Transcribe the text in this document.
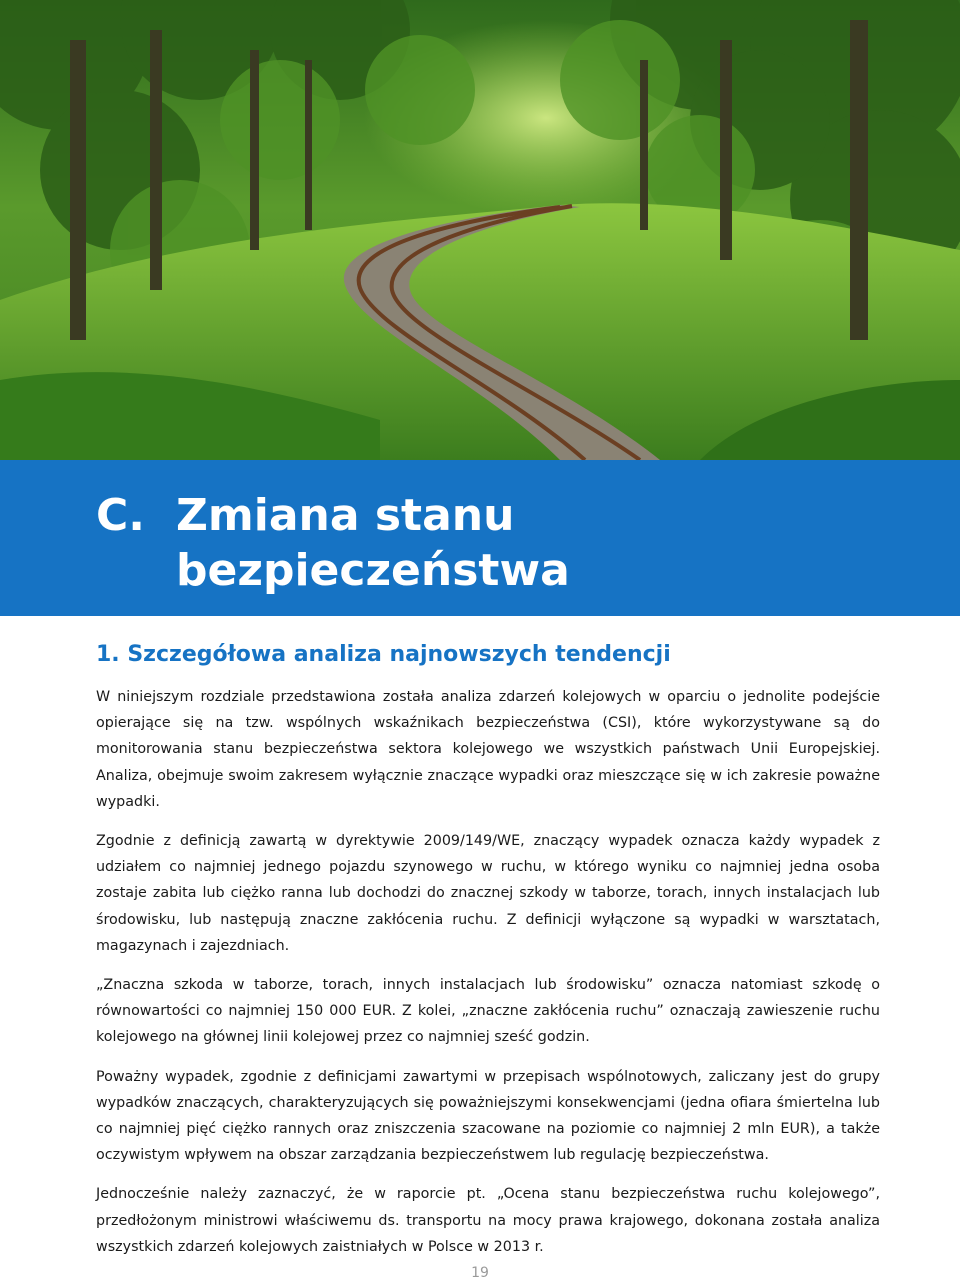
C. Zmiana stanu bezpieczeństwa
1. Szczegółowa analiza najnowszych tendencji

W niniejszym rozdziale przedstawiona została analiza zdarzeń kolejowych w oparciu o jednolite podejście opierające się na tzw. wspólnych wskaźnikach bezpieczeństwa (CSI), które wykorzystywane są do monitorowania stanu bezpieczeństwa sektora kolejowego we wszystkich państwach Unii Europejskiej. Analiza, obejmuje swoim zakresem wyłącznie znaczące wypadki oraz mieszczące się w ich zakresie poważne wypadki.

Zgodnie z definicją zawartą w dyrektywie 2009/149/WE, znaczący wypadek oznacza każdy wypadek z udziałem co najmniej jednego pojazdu szynowego w ruchu, w którego wyniku co najmniej jedna osoba zostaje zabita lub ciężko ranna lub dochodzi do znacznej szkody w taborze, torach, innych instalacjach lub środowisku, lub następują znaczne zakłócenia ruchu. Z definicji wyłączone są wypadki w warsztatach, magazynach i zajezdniach.

„Znaczna szkoda w taborze, torach, innych instalacjach lub środowisku” oznacza natomiast szkodę o równowartości co najmniej 150 000 EUR. Z kolei, „znaczne zakłócenia ruchu” oznaczają zawieszenie ruchu kolejowego na głównej linii kolejowej przez co najmniej sześć godzin.

Poważny wypadek, zgodnie z definicjami zawartymi w przepisach wspólnotowych, zaliczany jest do grupy wypadków znaczących, charakteryzujących się poważniejszymi konsekwencjami (jedna ofiara śmiertelna lub co najmniej pięć ciężko rannych oraz zniszczenia szacowane na poziomie co najmniej 2 mln EUR), a także oczywistym wpływem na obszar zarządzania bezpieczeństwem lub regulację bezpieczeństwa.

Jednocześnie należy zaznaczyć, że w raporcie pt. „Ocena stanu bezpieczeństwa ruchu kolejowego”, przedłożonym ministrowi właściwemu ds. transportu na mocy prawa krajowego, dokonana została analiza wszystkich zdarzeń kolejowych zaistniałych w Polsce w 2013 r.

19
